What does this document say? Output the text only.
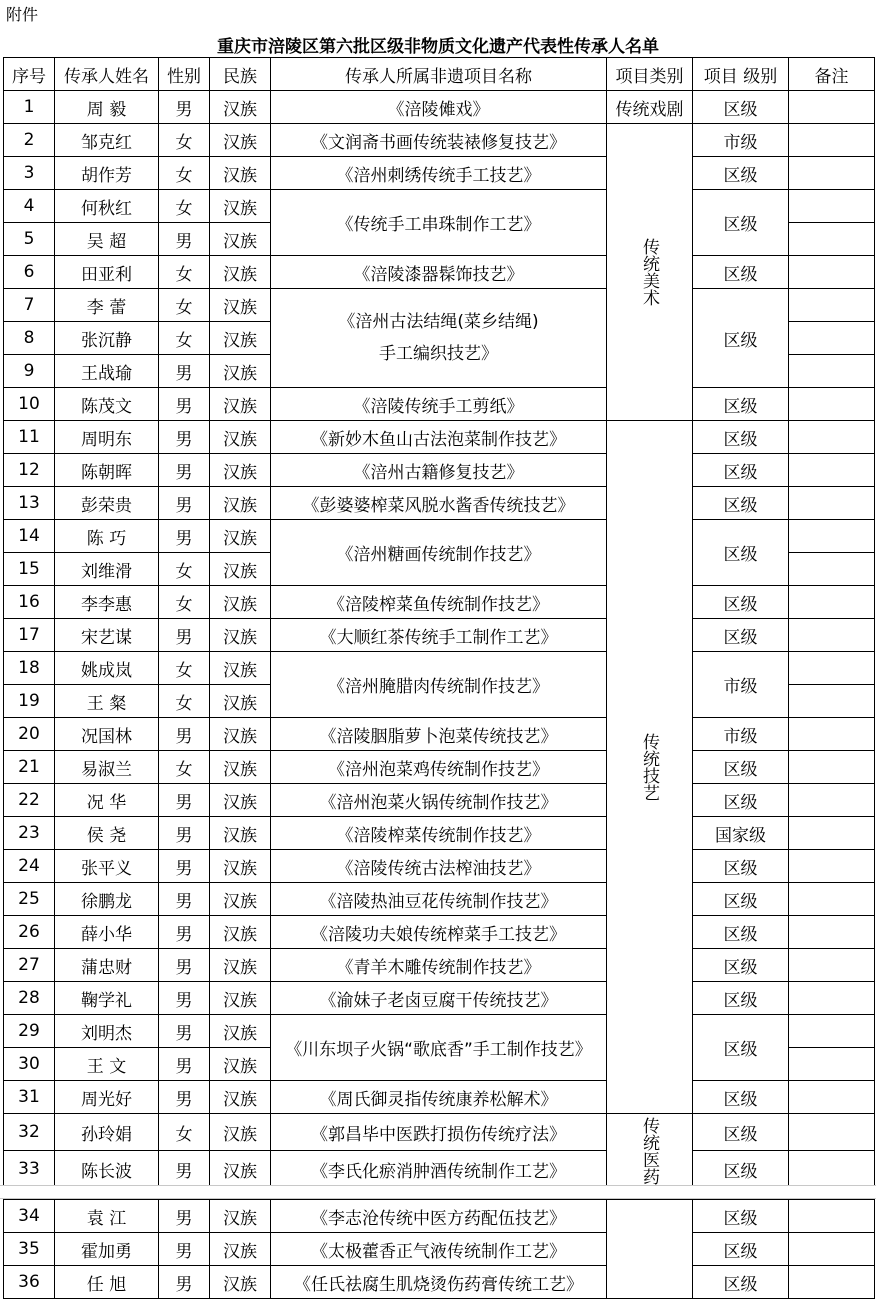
附件
重庆市涪陵区第六批区级非物质文化遗产代表性传承人名单
序号	传承人姓名	性别	民族	传承人所属非遗项目名称	项目类别	项目 级别	备注
1	周 毅	男	汉族	《涪陵傩戏》	传统戏剧	区级	
2	邹克红	女	汉族	《文润斋书画传统装裱修复技艺》	传统美术	市级	
3	胡作芳	女	汉族	《涪州刺绣传统手工技艺》		区级	
4	何秋红	女	汉族	《传统手工串珠制作工艺》		区级	
5	吴 超	男	汉族				
6	田亚利	女	汉族	《涪陵漆器髹饰技艺》		区级	
7	李 蕾	女	汉族	《涪州古法结绳(菜乡结绳)
手工编织技艺》		区级	
8	张沉静	女	汉族				
9	王战瑜	男	汉族				
10	陈茂文	男	汉族	《涪陵传统手工剪纸》		区级	
11	周明东	男	汉族	《新妙木鱼山古法泡菜制作技艺》	传统技艺	区级	
12	陈朝晖	男	汉族	《涪州古籍修复技艺》		区级	
13	彭荣贵	男	汉族	《彭婆婆榨菜风脱水酱香传统技艺》		区级	
14	陈 巧	男	汉族	《涪州糖画传统制作技艺》		区级	
15	刘维滑	女	汉族				
16	李李惠	女	汉族	《涪陵榨菜鱼传统制作技艺》		区级	
17	宋艺谋	男	汉族	《大顺红茶传统手工制作工艺》		区级	
18	姚成岚	女	汉族	《涪州腌腊肉传统制作技艺》		市级	
19	王 粲	女	汉族				
20	况国林	男	汉族	《涪陵胭脂萝卜泡菜传统技艺》		市级	
21	易淑兰	女	汉族	《涪州泡菜鸡传统制作技艺》		区级	
22	况 华	男	汉族	《涪州泡菜火锅传统制作技艺》		区级	
23	侯 尧	男	汉族	《涪陵榨菜传统制作技艺》		国家级	
24	张平义	男	汉族	《涪陵传统古法榨油技艺》		区级	
25	徐鹏龙	男	汉族	《涪陵热油豆花传统制作技艺》		区级	
26	薛小华	男	汉族	《涪陵功夫娘传统榨菜手工技艺》		区级	
27	蒲忠财	男	汉族	《青羊木雕传统制作技艺》		区级	
28	鞠学礼	男	汉族	《渝妹子老卤豆腐干传统技艺》		区级	
29	刘明杰	男	汉族	《川东坝子火锅“歌底香”手工制作技艺》		区级	
30	王 文	男	汉族				
31	周光好	男	汉族	《周氏御灵指传统康养松解术》		区级	
32	孙玲娟	女	汉族	《郭昌毕中医跌打损伤传统疗法》	传统医药	区级	
33	陈长波	男	汉族	《李氏化瘀消肿酒传统制作工艺》		区级	
34	袁 江	男	汉族	《李志沧传统中医方药配伍技艺》		区级	
35	霍加勇	男	汉族	《太极藿香正气液传统制作工艺》		区级	
36	任 旭	男	汉族	《任氏祛腐生肌烧烫伤药膏传统工艺》		区级	
